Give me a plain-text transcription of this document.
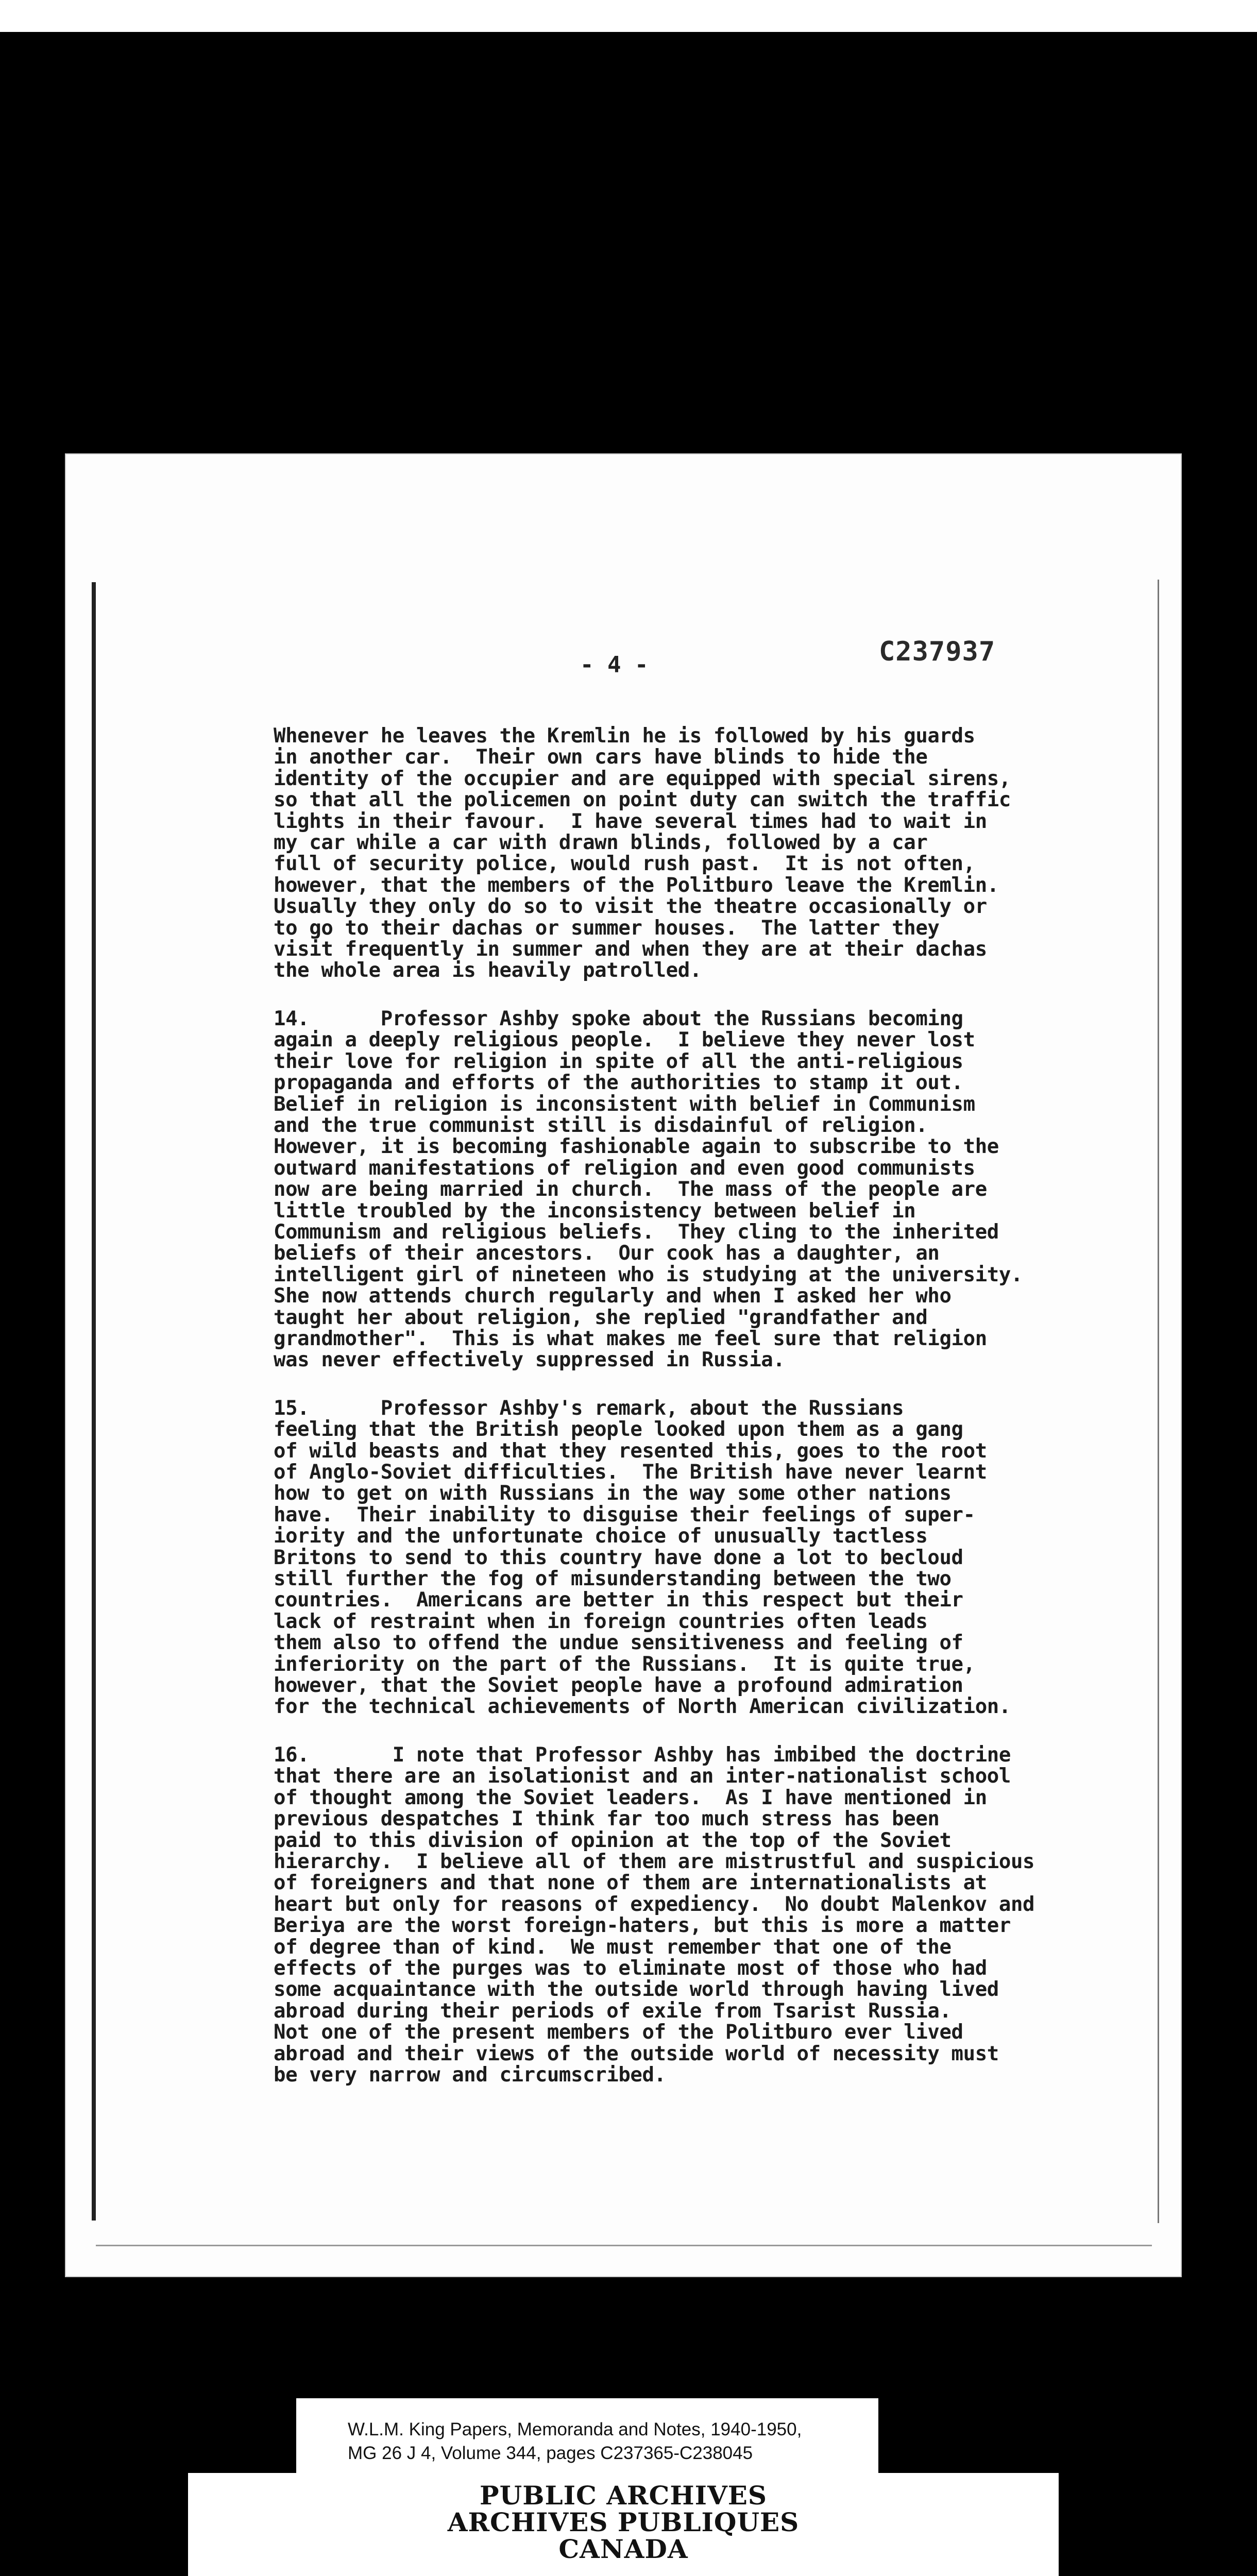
- 4 -	C237937
Whenever he leaves the Kremlin he is followed by his guards
in another car.  Their own cars have blinds to hide the
identity of the occupier and are equipped with special sirens,
so that all the policemen on point duty can switch the traffic
lights in their favour.  I have several times had to wait in
my car while a car with drawn blinds, followed by a car
full of security police, would rush past.  It is not often,
however, that the members of the Politburo leave the Kremlin.
Usually they only do so to visit the theatre occasionally or
to go to their dachas or summer houses.  The latter they
visit frequently in summer and when they are at their dachas
the whole area is heavily patrolled.
14.      Professor Ashby spoke about the Russians becoming
again a deeply religious people.  I believe they never lost
their love for religion in spite of all the anti-religious
propaganda and efforts of the authorities to stamp it out.
Belief in religion is inconsistent with belief in Communism
and the true communist still is disdainful of religion.
However, it is becoming fashionable again to subscribe to the
outward manifestations of religion and even good communists
now are being married in church.  The mass of the people are
little troubled by the inconsistency between belief in
Communism and religious beliefs.  They cling to the inherited
beliefs of their ancestors.  Our cook has a daughter, an
intelligent girl of nineteen who is studying at the university.
She now attends church regularly and when I asked her who
taught her about religion, she replied "grandfather and
grandmother".  This is what makes me feel sure that religion
was never effectively suppressed in Russia.
15.      Professor Ashby's remark, about the Russians
feeling that the British people looked upon them as a gang
of wild beasts and that they resented this, goes to the root
of Anglo-Soviet difficulties.  The British have never learnt
how to get on with Russians in the way some other nations
have.  Their inability to disguise their feelings of super-
iority and the unfortunate choice of unusually tactless
Britons to send to this country have done a lot to becloud
still further the fog of misunderstanding between the two
countries.  Americans are better in this respect but their
lack of restraint when in foreign countries often leads
them also to offend the undue sensitiveness and feeling of
inferiority on the part of the Russians.  It is quite true,
however, that the Soviet people have a profound admiration
for the technical achievements of North American civilization.
16.       I note that Professor Ashby has imbibed the doctrine
that there are an isolationist and an inter-nationalist school
of thought among the Soviet leaders.  As I have mentioned in
previous despatches I think far too much stress has been
paid to this division of opinion at the top of the Soviet
hierarchy.  I believe all of them are mistrustful and suspicious
of foreigners and that none of them are internationalists at
heart but only for reasons of expediency.  No doubt Malenkov and
Beriya are the worst foreign-haters, but this is more a matter
of degree than of kind.  We must remember that one of the
effects of the purges was to eliminate most of those who had
some acquaintance with the outside world through having lived
abroad during their periods of exile from Tsarist Russia.
Not one of the present members of the Politburo ever lived
abroad and their views of the outside world of necessity must
be very narrow and circumscribed.
W.L.M. King Papers, Memoranda and Notes, 1940-1950,
MG 26 J 4, Volume 344, pages C237365-C238045
PUBLIC ARCHIVES
ARCHIVES PUBLIQUES
CANADA
